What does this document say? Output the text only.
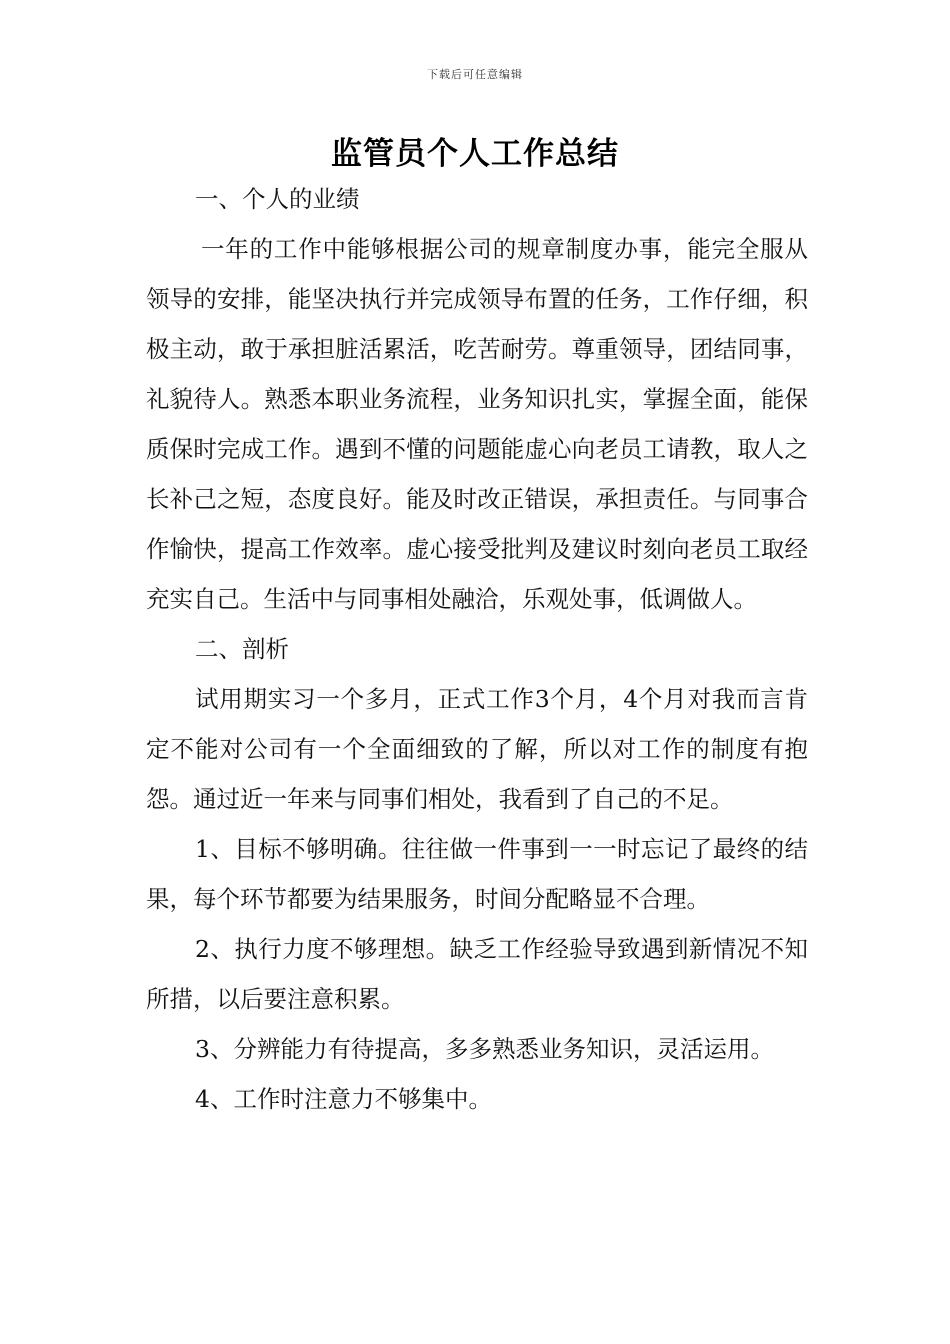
下载后可任意编辑
监管员个人工作总结

一、个人的业绩

一年的工作中能够根据公司的规章制度办事，能完全服从领导的安排，能坚决执行并完成领导布置的任务，工作仔细，积极主动，敢于承担脏活累活，吃苦耐劳。尊重领导，团结同事，礼貌待人。熟悉本职业务流程，业务知识扎实，掌握全面，能保质保时完成工作。遇到不懂的问题能虚心向老员工请教，取人之长补己之短，态度良好。能及时改正错误，承担责任。与同事合作愉快，提高工作效率。虚心接受批判及建议时刻向老员工取经充实自己。生活中与同事相处融洽，乐观处事，低调做人。

二、剖析

试用期实习一个多月，正式工作3个月，4个月对我而言肯定不能对公司有一个全面细致的了解，所以对工作的制度有抱怨。通过近一年来与同事们相处，我看到了自己的不足。

1、目标不够明确。往往做一件事到一一时忘记了最终的结果，每个环节都要为结果服务，时间分配略显不合理。

2、执行力度不够理想。缺乏工作经验导致遇到新情况不知所措，以后要注意积累。

3、分辨能力有待提高，多多熟悉业务知识，灵活运用。

4、工作时注意力不够集中。
